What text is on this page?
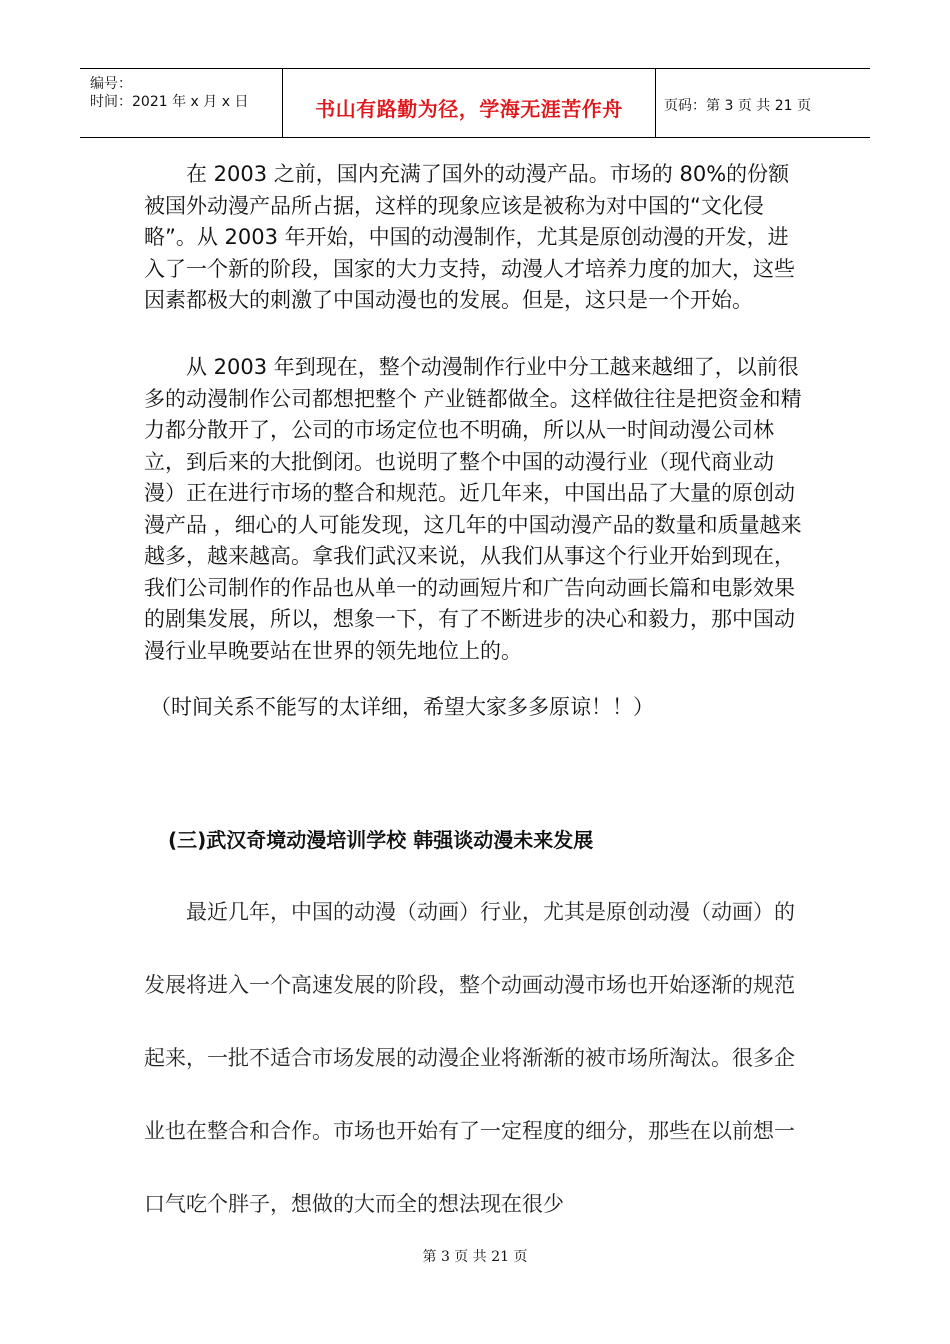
编号：
时间：2021 年 x 月 x 日	书山有路勤为径，学海无涯苦作舟	页码：第 3 页 共 21 页

在 2003 之前，国内充满了国外的动漫产品。市场的 80%的份额被国外动漫产品所占据，这样的现象应该是被称为对中国的“文化侵略”。从 2003 年开始，中国的动漫制作，尤其是原创动漫的开发，进入了一个新的阶段，国家的大力支持，动漫人才培养力度的加大，这些因素都极大的刺激了中国动漫也的发展。但是，这只是一个开始。

从 2003 年到现在，整个动漫制作行业中分工越来越细了，以前很多的动漫制作公司都想把整个 产业链都做全。这样做往往是把资金和精力都分散开了，公司的市场定位也不明确，所以从一时间动漫公司林立，到后来的大批倒闭。也说明了整个中国的动漫行业（现代商业动漫）正在进行市场的整合和规范。近几年来，中国出品了大量的原创动漫产品 ，细心的人可能发现，这几年的中国动漫产品的数量和质量越来越多，越来越高。拿我们武汉来说，从我们从事这个行业开始到现在，我们公司制作的作品也从单一的动画短片和广告向动画长篇和电影效果的剧集发展，所以，想象一下，有了不断进步的决心和毅力，那中国动漫行业早晚要站在世界的领先地位上的。

（时间关系不能写的太详细，希望大家多多原谅！！）
(三)武汉奇境动漫培训学校 韩强谈动漫未来发展

最近几年，中国的动漫（动画）行业，尤其是原创动漫（动画）的发展将进入一个高速发展的阶段，整个动画动漫市场也开始逐渐的规范起来，一批不适合市场发展的动漫企业将渐渐的被市场所淘汰。很多企业也在整合和合作。市场也开始有了一定程度的细分，那些在以前想一口气吃个胖子，想做的大而全的想法现在很少

第 3 页 共 21 页
